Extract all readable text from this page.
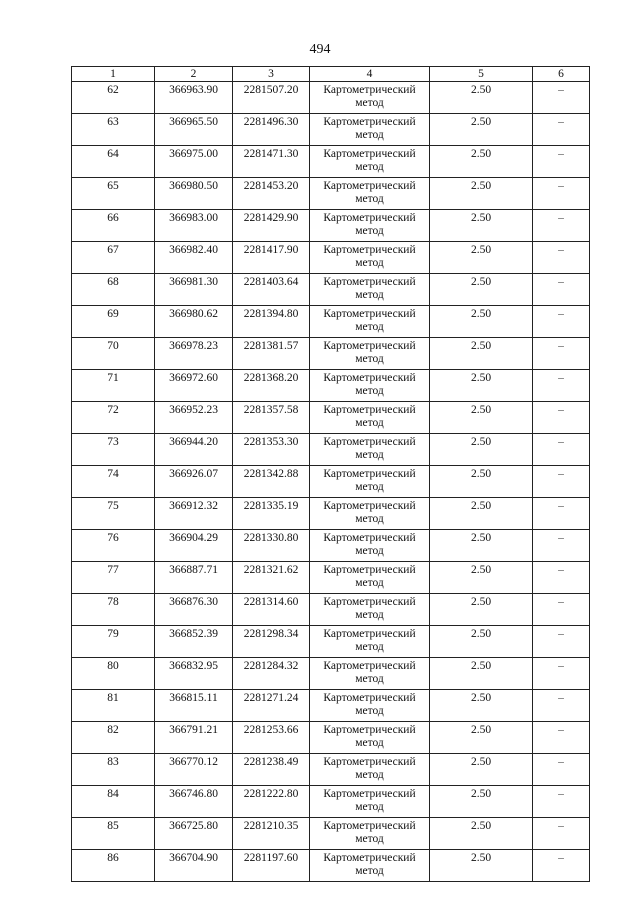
494
1	2	3	4	5	6
62	366963.90	2281507.20	Картометрический метод	2.50	–
63	366965.50	2281496.30	Картометрический метод	2.50	–
64	366975.00	2281471.30	Картометрический метод	2.50	–
65	366980.50	2281453.20	Картометрический метод	2.50	–
66	366983.00	2281429.90	Картометрический метод	2.50	–
67	366982.40	2281417.90	Картометрический метод	2.50	–
68	366981.30	2281403.64	Картометрический метод	2.50	–
69	366980.62	2281394.80	Картометрический метод	2.50	–
70	366978.23	2281381.57	Картометрический метод	2.50	–
71	366972.60	2281368.20	Картометрический метод	2.50	–
72	366952.23	2281357.58	Картометрический метод	2.50	–
73	366944.20	2281353.30	Картометрический метод	2.50	–
74	366926.07	2281342.88	Картометрический метод	2.50	–
75	366912.32	2281335.19	Картометрический метод	2.50	–
76	366904.29	2281330.80	Картометрический метод	2.50	–
77	366887.71	2281321.62	Картометрический метод	2.50	–
78	366876.30	2281314.60	Картометрический метод	2.50	–
79	366852.39	2281298.34	Картометрический метод	2.50	–
80	366832.95	2281284.32	Картометрический метод	2.50	–
81	366815.11	2281271.24	Картометрический метод	2.50	–
82	366791.21	2281253.66	Картометрический метод	2.50	–
83	366770.12	2281238.49	Картометрический метод	2.50	–
84	366746.80	2281222.80	Картометрический метод	2.50	–
85	366725.80	2281210.35	Картометрический метод	2.50	–
86	366704.90	2281197.60	Картометрический метод	2.50	–
